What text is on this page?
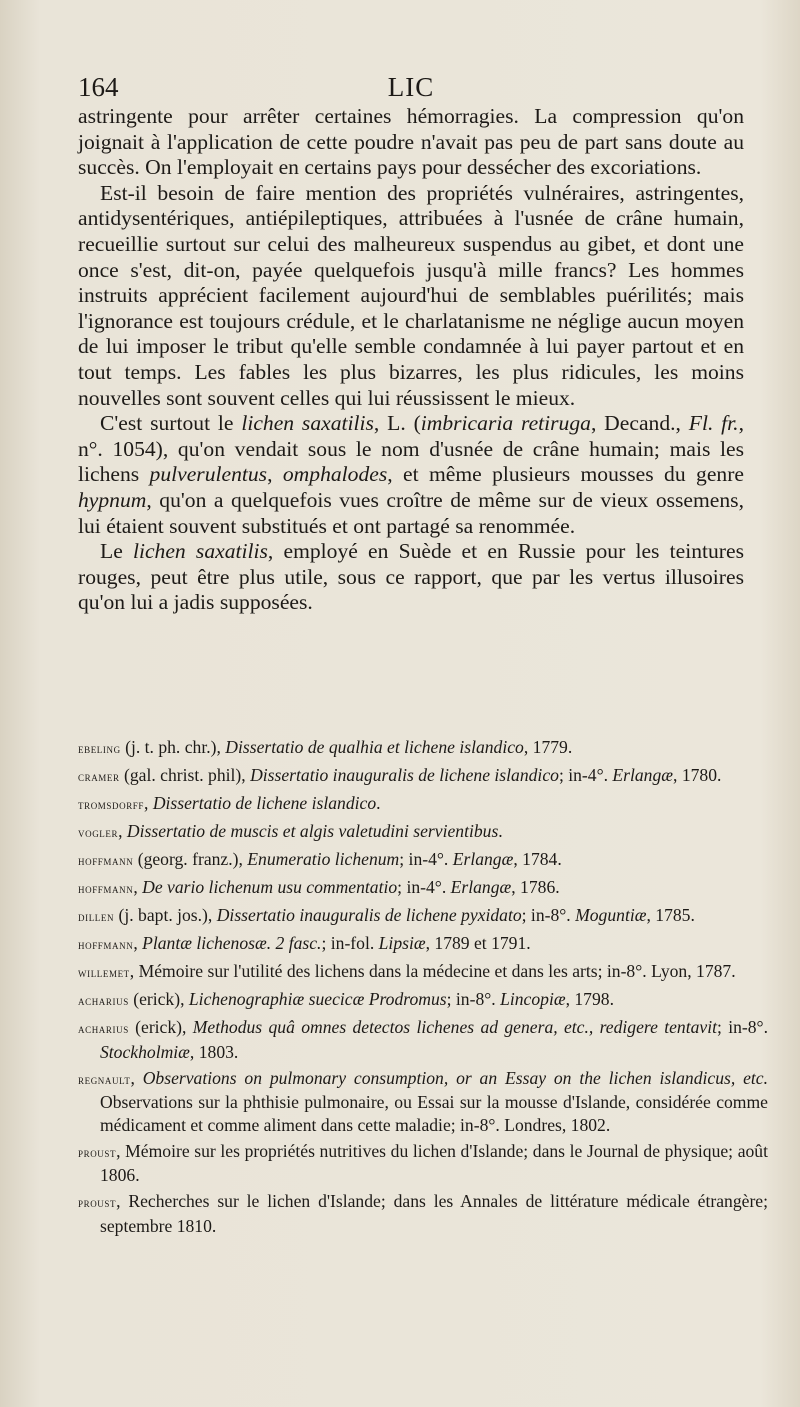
164	LIC

astringente pour arrêter certaines hémorragies. La compression qu'on joignait à l'application de cette poudre n'avait pas peu de part sans doute au succès. On l'employait en certains pays pour dessécher des excoriations.

Est-il besoin de faire mention des propriétés vulnéraires, astringentes, antidysentériques, antiépileptiques, attribuées à l'usnée de crâne humain, recueillie surtout sur celui des malheureux suspendus au gibet, et dont une once s'est, dit-on, payée quelquefois jusqu'à mille francs? Les hommes instruits apprécient facilement aujourd'hui de semblables puérilités; mais l'ignorance est toujours crédule, et le charlatanisme ne néglige aucun moyen de lui imposer le tribut qu'elle semble condamnée à lui payer partout et en tout temps. Les fables les plus bizarres, les plus ridicules, les moins nouvelles sont souvent celles qui lui réussissent le mieux.

C'est surtout le lichen saxatilis, L. (imbricaria retiruga, Decand., Fl. fr., n°. 1054), qu'on vendait sous le nom d'usnée de crâne humain; mais les lichens pulverulentus, omphalodes, et même plusieurs mousses du genre hypnum, qu'on a quelquefois vues croître de même sur de vieux ossemens, lui étaient souvent substitués et ont partagé sa renommée.

Le lichen saxatilis, employé en Suède et en Russie pour les teintures rouges, peut être plus utile, sous ce rapport, que par les vertus illusoires qu'on lui a jadis supposées.

ebeling (j. t. ph. chr.), Dissertatio de qualhia et lichene islandico, 1779.

cramer (gal. christ. phil), Dissertatio inauguralis de lichene islandico; in-4°. Erlangæ, 1780.

tromsdorff, Dissertatio de lichene islandico.

vogler, Dissertatio de muscis et algis valetudini servientibus.

hoffmann (georg. franz.), Enumeratio lichenum; in-4°. Erlangæ, 1784.

hoffmann, De vario lichenum usu commentatio; in-4°. Erlangæ, 1786.

dillen (j. bapt. jos.), Dissertatio inauguralis de lichene pyxidato; in-8°. Moguntiæ, 1785.

hoffmann, Plantæ lichenosæ. 2 fasc.; in-fol. Lipsiæ, 1789 et 1791.

willemet, Mémoire sur l'utilité des lichens dans la médecine et dans les arts; in-8°. Lyon, 1787.

acharius (erick), Lichenographiæ suecicæ Prodromus; in-8°. Lincopiæ, 1798.

acharius (erick), Methodus quâ omnes detectos lichenes ad genera, etc., redigere tentavit; in-8°. Stockholmiæ, 1803.

regnault, Observations on pulmonary consumption, or an Essay on the lichen islandicus, etc. Observations sur la phthisie pulmonaire, ou Essai sur la mousse d'Islande, considérée comme médicament et comme aliment dans cette maladie; in-8°. Londres, 1802.

proust, Mémoire sur les propriétés nutritives du lichen d'Islande; dans le Journal de physique; août 1806.

proust, Recherches sur le lichen d'Islande; dans les Annales de littérature médicale étrangère; septembre 1810.
